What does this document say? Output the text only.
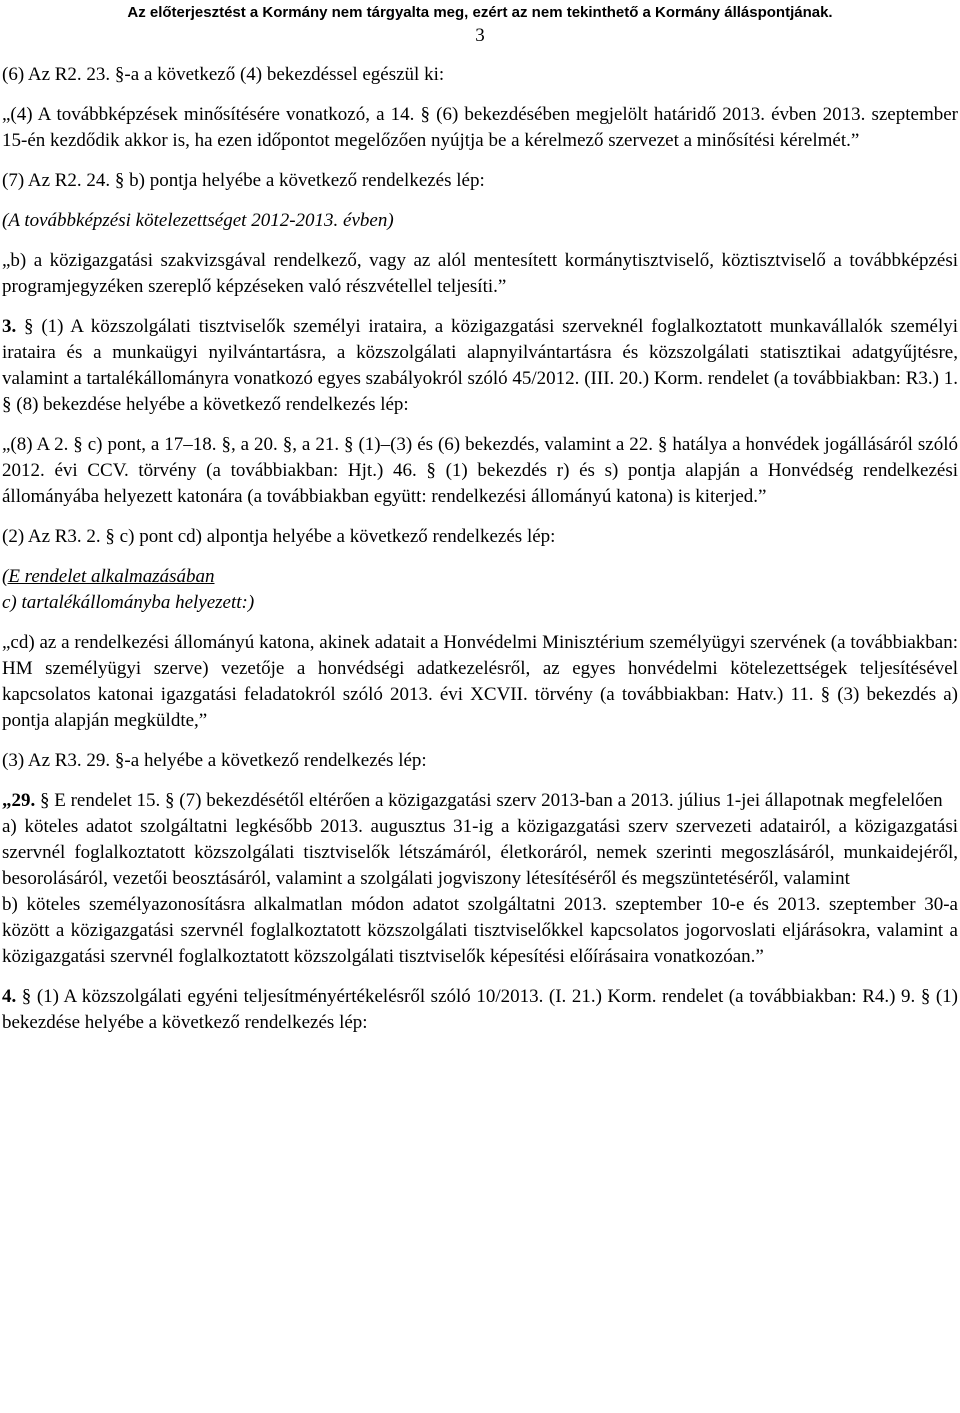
Az előterjesztést a Kormány nem tárgyalta meg, ezért az nem tekinthető a Kormány álláspontjának.
3

(6) Az R2. 23. §-a a következő (4) bekezdéssel egészül ki:

„(4) A továbbképzések minősítésére vonatkozó, a 14. § (6) bekezdésében megjelölt határidő 2013. évben 2013. szeptember 15-én kezdődik akkor is, ha ezen időpontot megelőzően nyújtja be a kérelmező szervezet a minősítési kérelmét.”

(7) Az R2. 24. § b) pontja helyébe a következő rendelkezés lép:

(A továbbképzési kötelezettséget 2012-2013. évben)

„b) a közigazgatási szakvizsgával rendelkező, vagy az alól mentesített kormánytisztviselő, köztisztviselő a továbbképzési programjegyzéken szereplő képzéseken való részvétellel teljesíti.”

3. § (1) A közszolgálati tisztviselők személyi irataira, a közigazgatási szerveknél foglalkoztatott munkavállalók személyi irataira és a munkaügyi nyilvántartásra, a közszolgálati alapnyilvántartásra és közszolgálati statisztikai adatgyűjtésre, valamint a tartalékállományra vonatkozó egyes szabályokról szóló 45/2012. (III. 20.) Korm. rendelet (a továbbiakban: R3.) 1. § (8) bekezdése helyébe a következő rendelkezés lép:

„(8) A 2. § c) pont, a 17–18. §, a 20. §, a 21. § (1)–(3) és (6) bekezdés, valamint a 22. § hatálya a honvédek jogállásáról szóló 2012. évi CCV. törvény (a továbbiakban: Hjt.) 46. § (1) bekezdés r) és s) pontja alapján a Honvédség rendelkezési állományába helyezett katonára (a továbbiakban együtt: rendelkezési állományú katona) is kiterjed.”

(2) Az R3. 2. § c) pont cd) alpontja helyébe a következő rendelkezés lép:

(E rendelet alkalmazásában
c) tartalékállományba helyezett:)

„cd) az a rendelkezési állományú katona, akinek adatait a Honvédelmi Minisztérium személyügyi szervének (a továbbiakban: HM személyügyi szerve) vezetője a honvédségi adatkezelésről, az egyes honvédelmi kötelezettségek teljesítésével kapcsolatos katonai igazgatási feladatokról szóló 2013. évi XCVII. törvény (a továbbiakban: Hatv.) 11. § (3) bekezdés a) pontja alapján megküldte,”

(3) Az R3. 29. §-a helyébe a következő rendelkezés lép:

„29. § E rendelet 15. § (7) bekezdésétől eltérően a közigazgatási szerv 2013-ban a 2013. július 1-jei állapotnak megfelelően

a) köteles adatot szolgáltatni legkésőbb 2013. augusztus 31-ig a közigazgatási szerv szervezeti adatairól, a közigazgatási szervnél foglalkoztatott közszolgálati tisztviselők létszámáról, életkoráról, nemek szerinti megoszlásáról, munkaidejéről, besorolásáról, vezetői beosztásáról, valamint a szolgálati jogviszony létesítéséről és megszüntetéséről, valamint

b) köteles személyazonosításra alkalmatlan módon adatot szolgáltatni 2013. szeptember 10-e és 2013. szeptember 30-a között a közigazgatási szervnél foglalkoztatott közszolgálati tisztviselőkkel kapcsolatos jogorvoslati eljárásokra, valamint a közigazgatási szervnél foglalkoztatott közszolgálati tisztviselők képesítési előírásaira vonatkozóan.”

4. § (1) A közszolgálati egyéni teljesítményértékelésről szóló 10/2013. (I. 21.) Korm. rendelet (a továbbiakban: R4.) 9. § (1) bekezdése helyébe a következő rendelkezés lép:
